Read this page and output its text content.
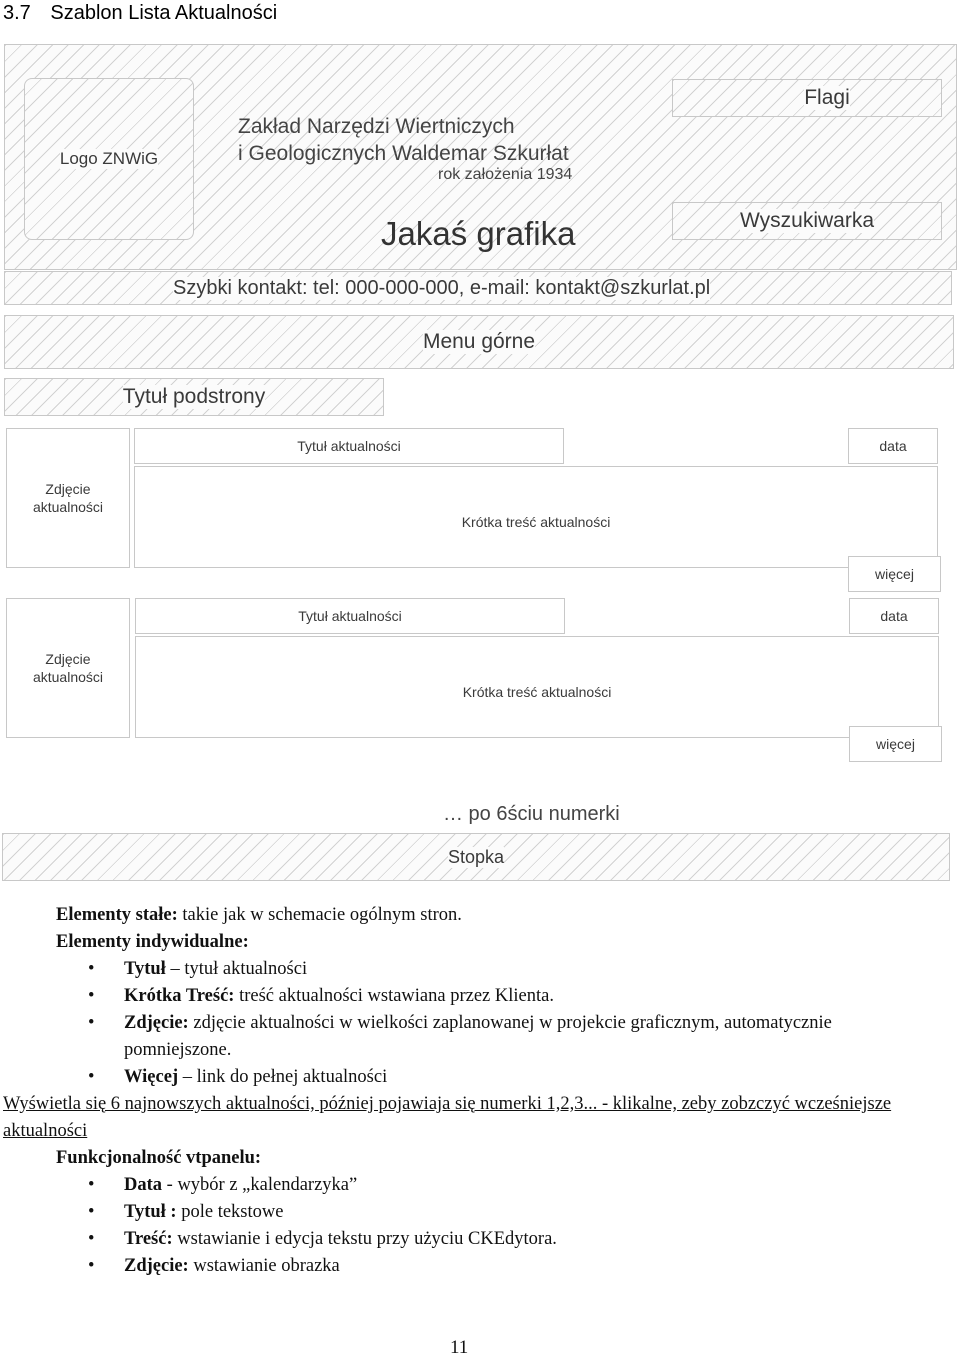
3.7 Szablon Lista Aktualności
Logo ZNWiG
Zakład Narzędzi Wiertniczych
i Geologicznych Waldemar Szkurłat
rok założenia 1934
Jakaś grafika
Flagi
Wyszukiwarka
Szybki kontakt: tel: 000-000-000, e-mail: kontakt@szkurlat.pl
Menu górne
Tytuł podstrony
Zdjęcie
aktualności
Tytuł aktualności	data
Krótka treść aktualności
więcej
Zdjęcie
aktualności
Tytuł aktualności	data
Krótka treść aktualności
więcej
… po 6ściu numerki
Stopka
Elementy stałe: takie jak w schemacie ogólnym stron.
Elementy indywidualne:
• Tytuł – tytuł aktualności
• Krótka Treść: treść aktualności wstawiana przez Klienta.
• Zdjęcie: zdjęcie aktualności w wielkości zaplanowanej w projekcie graficznym, automatycznie pomniejszone.
• Więcej – link do pełnej aktualności
Wyświetla się 6 najnowszych aktualności, później pojawiaja się numerki 1,2,3... - klikalne, zeby zobzczyć wcześniejsze aktualności
Funkcjonalność vtpanelu:
• Data - wybór z „kalendarzyka”
• Tytuł : pole tekstowe
• Treść: wstawianie i edycja tekstu przy użyciu CKEdytora.
• Zdjęcie: wstawianie obrazka
11
